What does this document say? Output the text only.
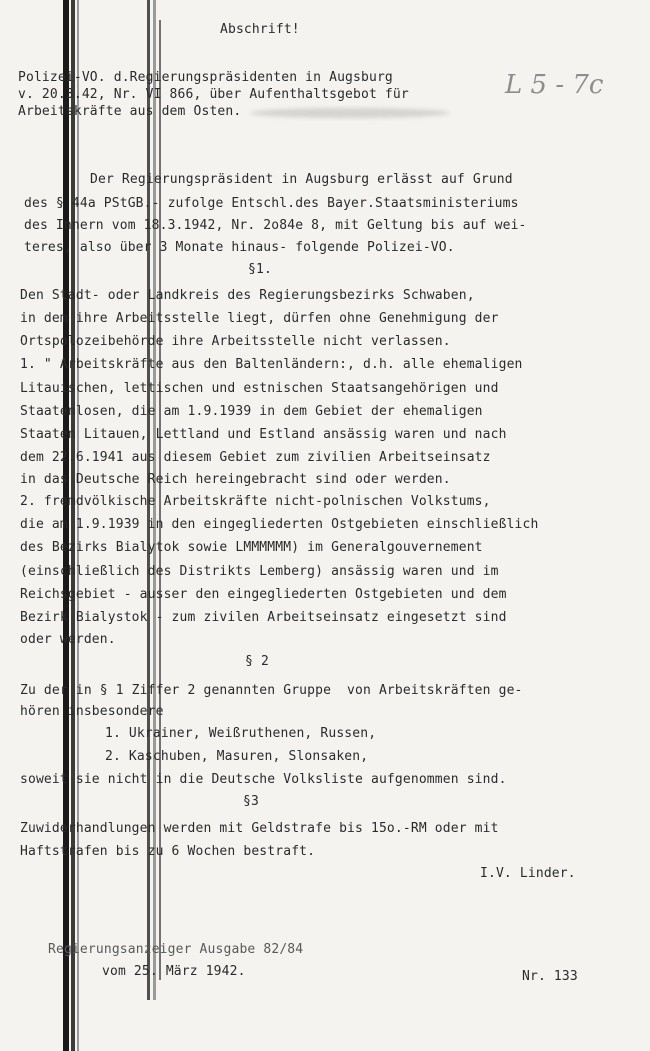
Abschrift!
L 5 - 7c
Polizei-VO. d.Regierungspräsidenten in Augsburg
v. 20.3.42, Nr. VI 866, über Aufenthaltsgebot für
Arbeitskräfte aus dem Osten.
Der Regierungspräsident in Augsburg erlässt auf Grund
des § 44a PStGB.- zufolge Entschl.des Bayer.Staatsministeriums
des Innern vom 18.3.1942, Nr. 2o84e 8, mit Geltung bis auf wei-
teres, also über 3 Monate hinaus- folgende Polizei-VO.
§1.
Den Stadt- oder Landkreis des Regierungsbezirks Schwaben,
in dem ihre Arbeitsstelle liegt, dürfen ohne Genehmigung der
Ortspolozeibehörde ihre Arbeitsstelle nicht verlassen.
1. " Arbeitskräfte aus den Baltenländern:, d.h. alle ehemaligen
Litauischen, lettischen und estnischen Staatsangehörigen und
Staatenlosen, die am 1.9.1939 in dem Gebiet der ehemaligen
Staaten Litauen, Lettland und Estland ansässig waren und nach
dem 22.6.1941 aus diesem Gebiet zum zivilien Arbeitseinsatz
in das Deutsche Reich hereingebracht sind oder werden.
2. fremdvölkische Arbeitskräfte nicht-polnischen Volkstums,
die am 1.9.1939 in den eingegliederten Ostgebieten einschließlich
des Bezirks Bialytok sowie LMMMMMM) im Generalgouvernement
(einschließlich des Distrikts Lemberg) ansässig waren und im
Reichsgebiet - ausser den eingegliederten Ostgebieten und dem
Bezirk Bialystok - zum zivilen Arbeitseinsatz eingesetzt sind
oder werden.
§ 2
Zu der in § 1 Ziffer 2 genannten Gruppe  von Arbeitskräften ge-
hören insbesondere
1. Ukrainer, Weißruthenen, Russen,
2. Kaschuben, Masuren, Slonsaken,
soweit sie nicht in die Deutsche Volksliste aufgenommen sind.
§3
Zuwiderhandlungen werden mit Geldstrafe bis 15o.-RM oder mit
Haftstrafen bis zu 6 Wochen bestraft.
I.V. Linder.
Regierungsanzeiger Ausgabe 82/84
vom 25. März 1942.	Nr. 133
